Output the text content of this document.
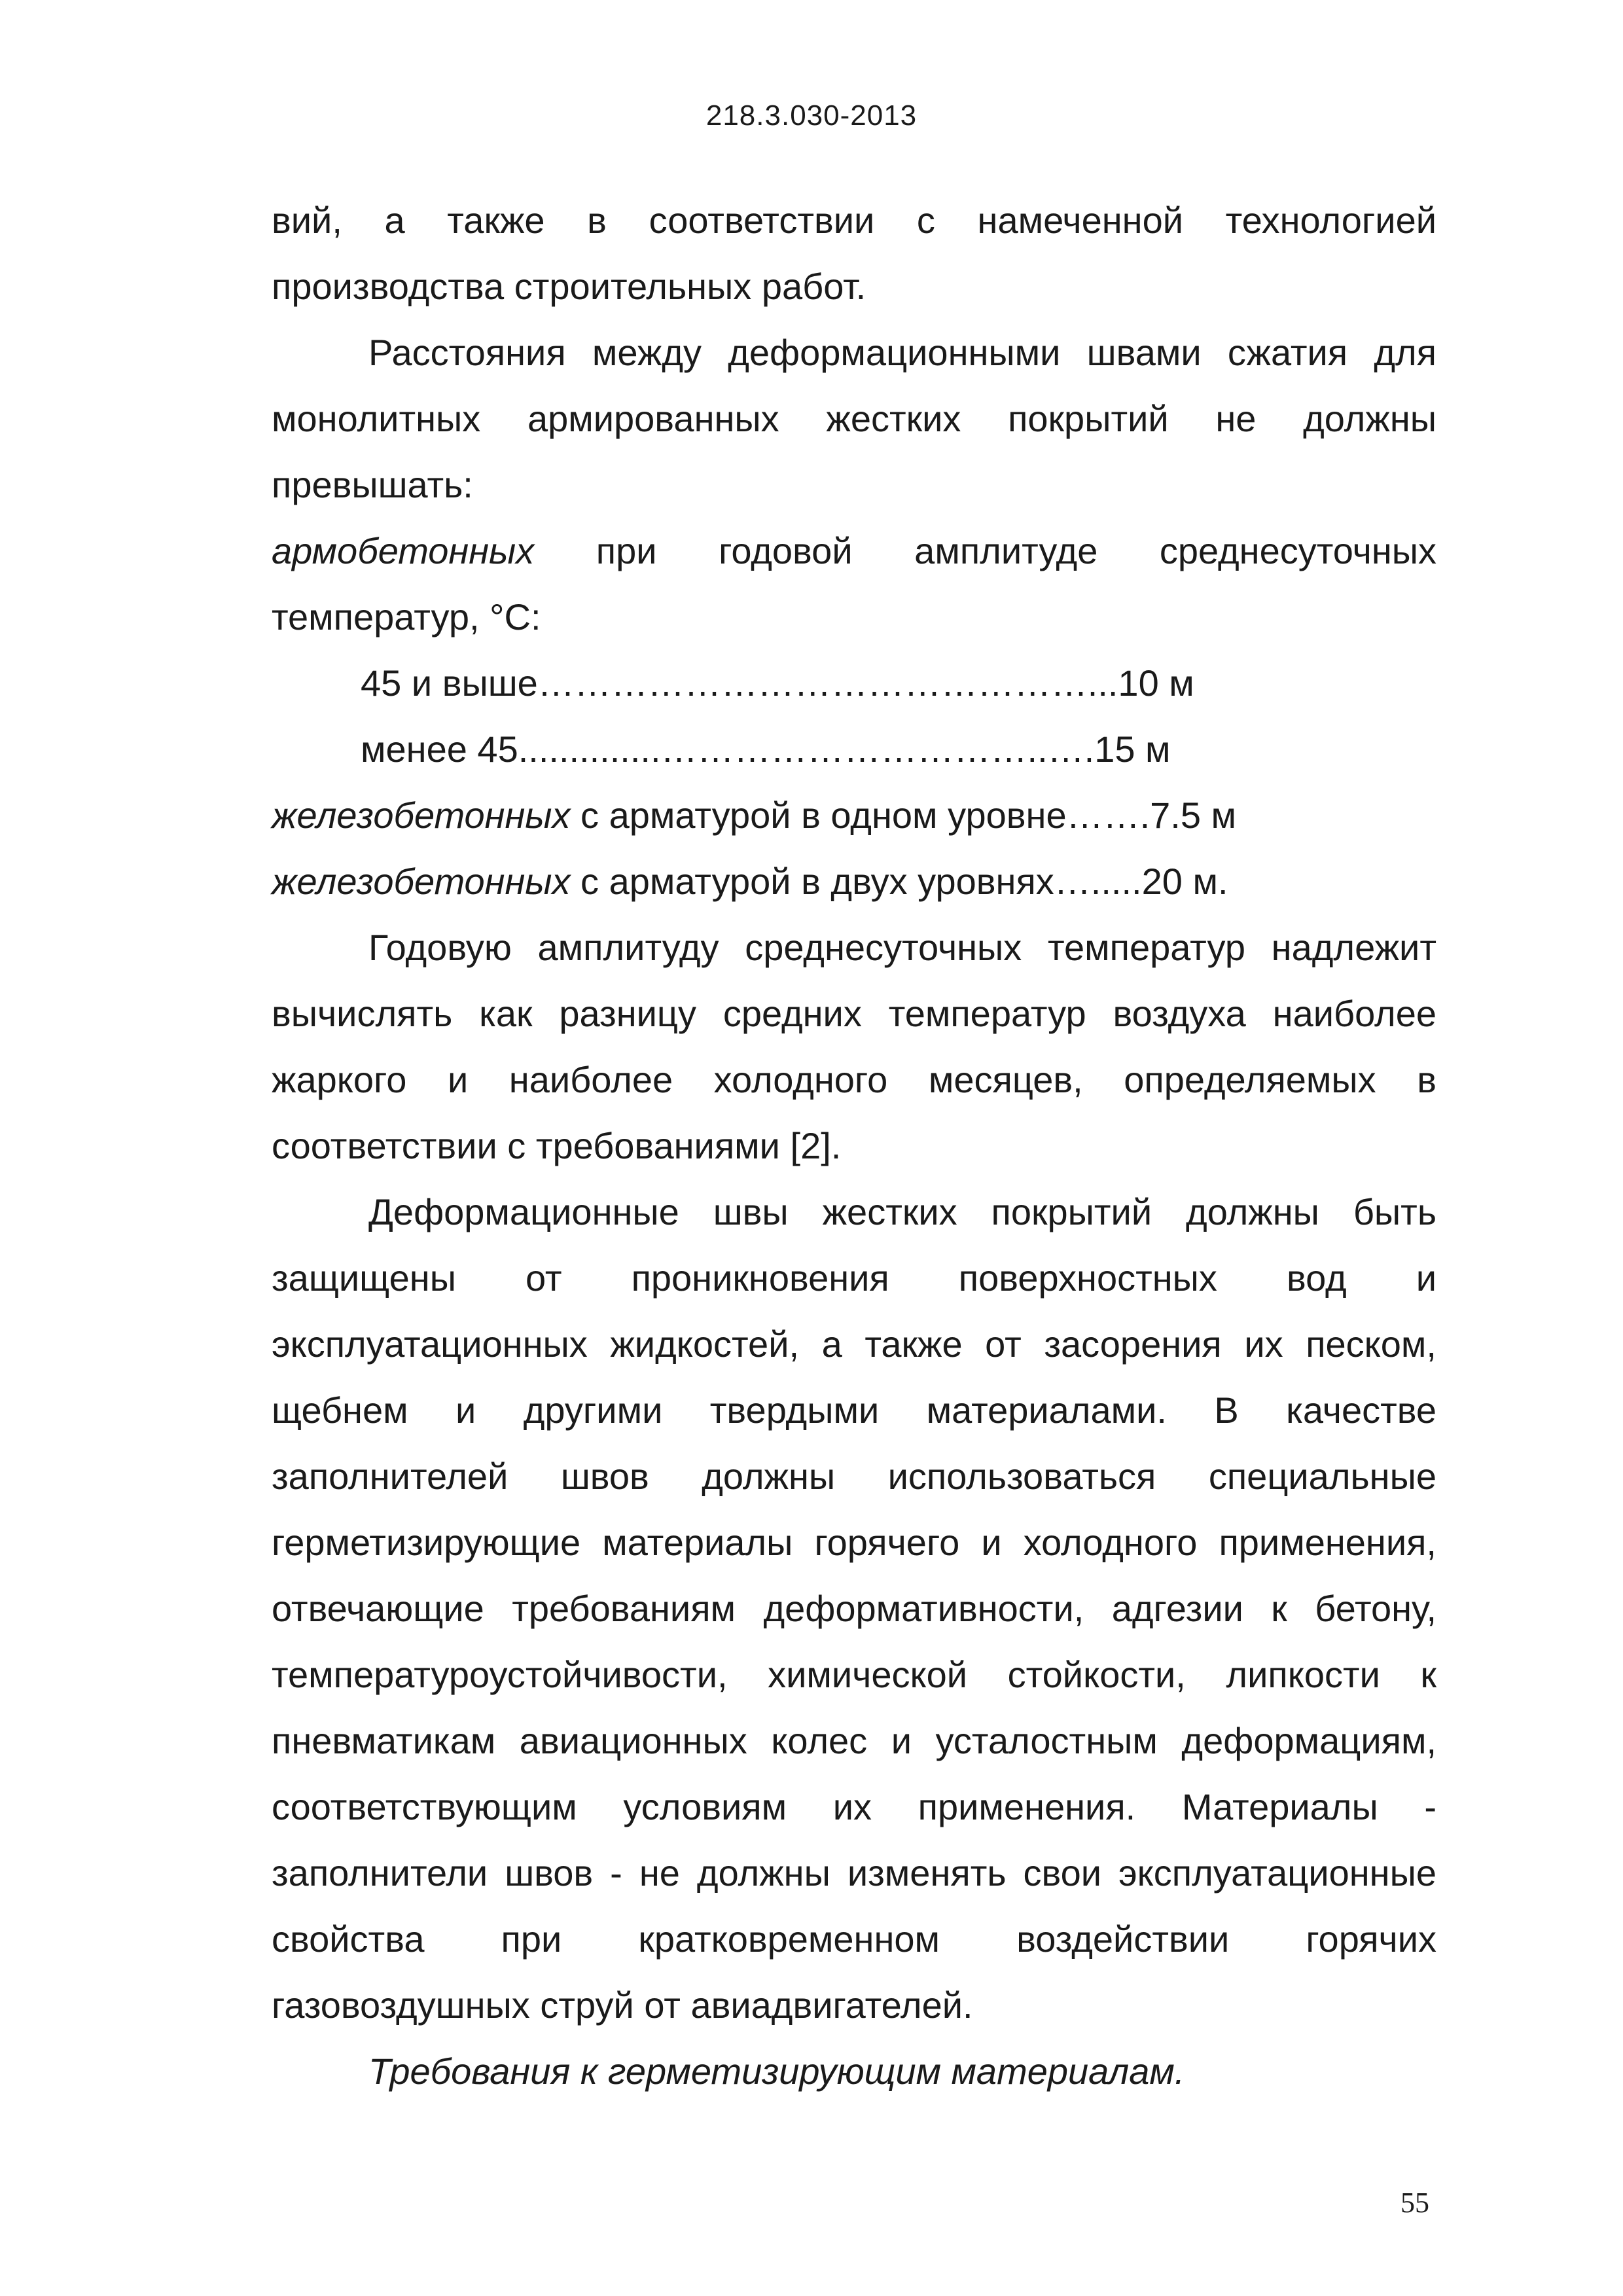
218.3.030-2013

вий, а также в соответствии с намеченной технологией производства строительных работ.

Расстояния между деформационными швами сжатия для монолитных армированных жестких покрытий не должны превышать:

армобетонных при годовой амплитуде среднесуточных температур, °С:

45 и выше………………………………………...10 м
менее 45..............…………………………..….15 м
железобетонных с арматурой в одном уровне…….7.5 м
железобетонных с арматурой в двух уровнях….....20 м.

Годовую амплитуду среднесуточных температур надлежит вычислять как разницу средних температур воздуха наиболее жаркого и наиболее холодного месяцев, определяемых в соответствии с требованиями [2].

Деформационные швы жестких покрытий должны быть защищены от проникновения поверхностных вод и эксплуатационных жидкостей, а также от засорения их песком, щебнем и другими твердыми материалами. В качестве заполнителей швов должны использоваться специальные герметизирующие материалы горячего и холодного применения, отвечающие требованиям деформативности, адгезии к бетону, температуроустойчивости, химической стойкости, липкости к пневматикам авиационных колес и усталостным деформациям, соответствующим условиям их применения. Материалы - заполнители швов - не должны изменять свои эксплуатационные свойства при кратковременном воздействии горячих газовоздушных струй от авиадвигателей.

Требования к герметизирующим материалам.

55
